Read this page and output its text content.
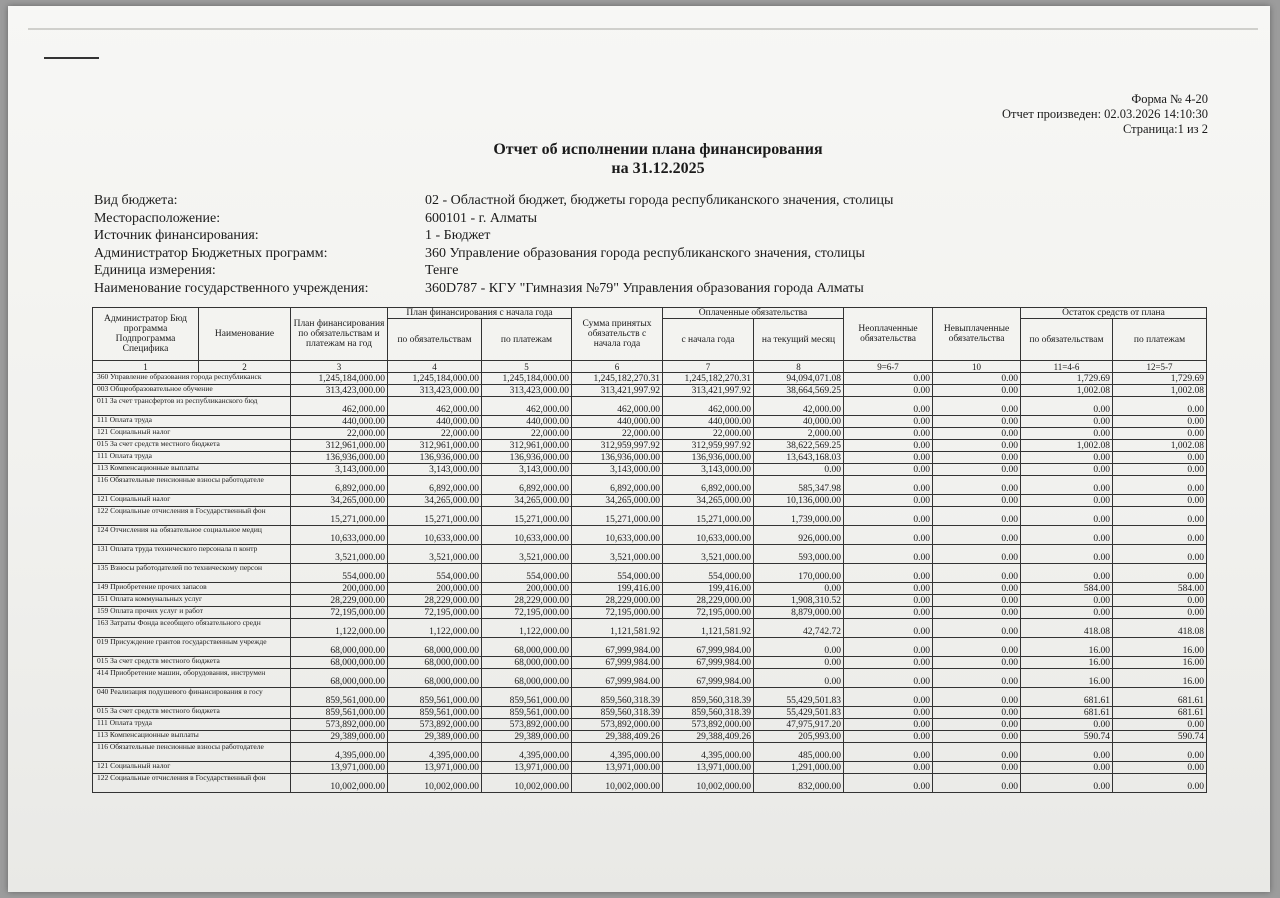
Форма № 4-20
Отчет произведен: 02.03.2026 14:10:30
Страница:1 из 2
Отчет об исполнении плана финансирования
на 31.12.2025
Вид бюджета:	02 - Областной бюджет, бюджеты города республиканского значения, столицы
Месторасположение:	600101 - г. Алматы
Источник финансирования:	1 - Бюджет
Администратор Бюджетных программ:	360 Управление образования города республиканского значения, столицы
Единица измерения:	Тенге
Наименование государственного учреждения:	360D787 - КГУ "Гимназия №79" Управления образования города Алматы
Администратор Бюд программа Подпрограмма Специфика	Наименование	План финансирования по обязательствам и платежам на год	План финансирования с начала года		Сумма принятых обязательств с начала года	Оплаченные обязательства		Неоплаченные обязательства	Невыплаченные обязательства	Остаток средств от плана	
			по обязательствам	по платежам		с начала года	на текущий месяц			по обязательствам	по платежам
1	2	3	4	5	6	7	8	9=6-7	10	11=4-6	12=5-7
360 Управление образования города республиканск		1,245,184,000.00	1,245,184,000.00	1,245,184,000.00	1,245,182,270.31	1,245,182,270.31	94,094,071.08	0.00	0.00	1,729.69	1,729.69
003 Общеобразовательное обучение		313,423,000.00	313,423,000.00	313,423,000.00	313,421,997.92	313,421,997.92	38,664,569.25	0.00	0.00	1,002.08	1,002.08
011 За счет трансфертов из республиканского бюд		462,000.00	462,000.00	462,000.00	462,000.00	462,000.00	42,000.00	0.00	0.00	0.00	0.00
111 Оплата труда		440,000.00	440,000.00	440,000.00	440,000.00	440,000.00	40,000.00	0.00	0.00	0.00	0.00
121 Социальный налог		22,000.00	22,000.00	22,000.00	22,000.00	22,000.00	2,000.00	0.00	0.00	0.00	0.00
015 За счет средств местного бюджета		312,961,000.00	312,961,000.00	312,961,000.00	312,959,997.92	312,959,997.92	38,622,569.25	0.00	0.00	1,002.08	1,002.08
111 Оплата труда		136,936,000.00	136,936,000.00	136,936,000.00	136,936,000.00	136,936,000.00	13,643,168.03	0.00	0.00	0.00	0.00
113 Компенсационные выплаты		3,143,000.00	3,143,000.00	3,143,000.00	3,143,000.00	3,143,000.00	0.00	0.00	0.00	0.00	0.00
116 Обязательные пенсионные взносы работодателе		6,892,000.00	6,892,000.00	6,892,000.00	6,892,000.00	6,892,000.00	585,347.98	0.00	0.00	0.00	0.00
121 Социальный налог		34,265,000.00	34,265,000.00	34,265,000.00	34,265,000.00	34,265,000.00	10,136,000.00	0.00	0.00	0.00	0.00
122 Социальные отчисления в Государственный фон		15,271,000.00	15,271,000.00	15,271,000.00	15,271,000.00	15,271,000.00	1,739,000.00	0.00	0.00	0.00	0.00
124 Отчисления на обязательное социальное медиц		10,633,000.00	10,633,000.00	10,633,000.00	10,633,000.00	10,633,000.00	926,000.00	0.00	0.00	0.00	0.00
131 Оплата труда технического персонала п контр		3,521,000.00	3,521,000.00	3,521,000.00	3,521,000.00	3,521,000.00	593,000.00	0.00	0.00	0.00	0.00
135 Взносы работодателей по техническому персон		554,000.00	554,000.00	554,000.00	554,000.00	554,000.00	170,000.00	0.00	0.00	0.00	0.00
149 Приобретение прочих запасов		200,000.00	200,000.00	200,000.00	199,416.00	199,416.00	0.00	0.00	0.00	584.00	584.00
151 Оплата коммунальных услуг		28,229,000.00	28,229,000.00	28,229,000.00	28,229,000.00	28,229,000.00	1,908,310.52	0.00	0.00	0.00	0.00
159 Оплата прочих услуг и работ		72,195,000.00	72,195,000.00	72,195,000.00	72,195,000.00	72,195,000.00	8,879,000.00	0.00	0.00	0.00	0.00
163 Затраты Фонда всеобщего обязательного средн		1,122,000.00	1,122,000.00	1,122,000.00	1,121,581.92	1,121,581.92	42,742.72	0.00	0.00	418.08	418.08
019 Присуждение грантов государственным учрежде		68,000,000.00	68,000,000.00	68,000,000.00	67,999,984.00	67,999,984.00	0.00	0.00	0.00	16.00	16.00
015 За счет средств местного бюджета		68,000,000.00	68,000,000.00	68,000,000.00	67,999,984.00	67,999,984.00	0.00	0.00	0.00	16.00	16.00
414 Приобретение машин, оборудования, инструмен		68,000,000.00	68,000,000.00	68,000,000.00	67,999,984.00	67,999,984.00	0.00	0.00	0.00	16.00	16.00
040 Реализация подушевого финансирования в госу		859,561,000.00	859,561,000.00	859,561,000.00	859,560,318.39	859,560,318.39	55,429,501.83	0.00	0.00	681.61	681.61
015 За счет средств местного бюджета		859,561,000.00	859,561,000.00	859,561,000.00	859,560,318.39	859,560,318.39	55,429,501.83	0.00	0.00	681.61	681.61
111 Оплата труда		573,892,000.00	573,892,000.00	573,892,000.00	573,892,000.00	573,892,000.00	47,975,917.20	0.00	0.00	0.00	0.00
113 Компенсационные выплаты		29,389,000.00	29,389,000.00	29,389,000.00	29,388,409.26	29,388,409.26	205,993.00	0.00	0.00	590.74	590.74
116 Обязательные пенсионные взносы работодателе		4,395,000.00	4,395,000.00	4,395,000.00	4,395,000.00	4,395,000.00	485,000.00	0.00	0.00	0.00	0.00
121 Социальный налог		13,971,000.00	13,971,000.00	13,971,000.00	13,971,000.00	13,971,000.00	1,291,000.00	0.00	0.00	0.00	0.00
122 Социальные отчисления в Государственный фон		10,002,000.00	10,002,000.00	10,002,000.00	10,002,000.00	10,002,000.00	832,000.00	0.00	0.00	0.00	0.00
